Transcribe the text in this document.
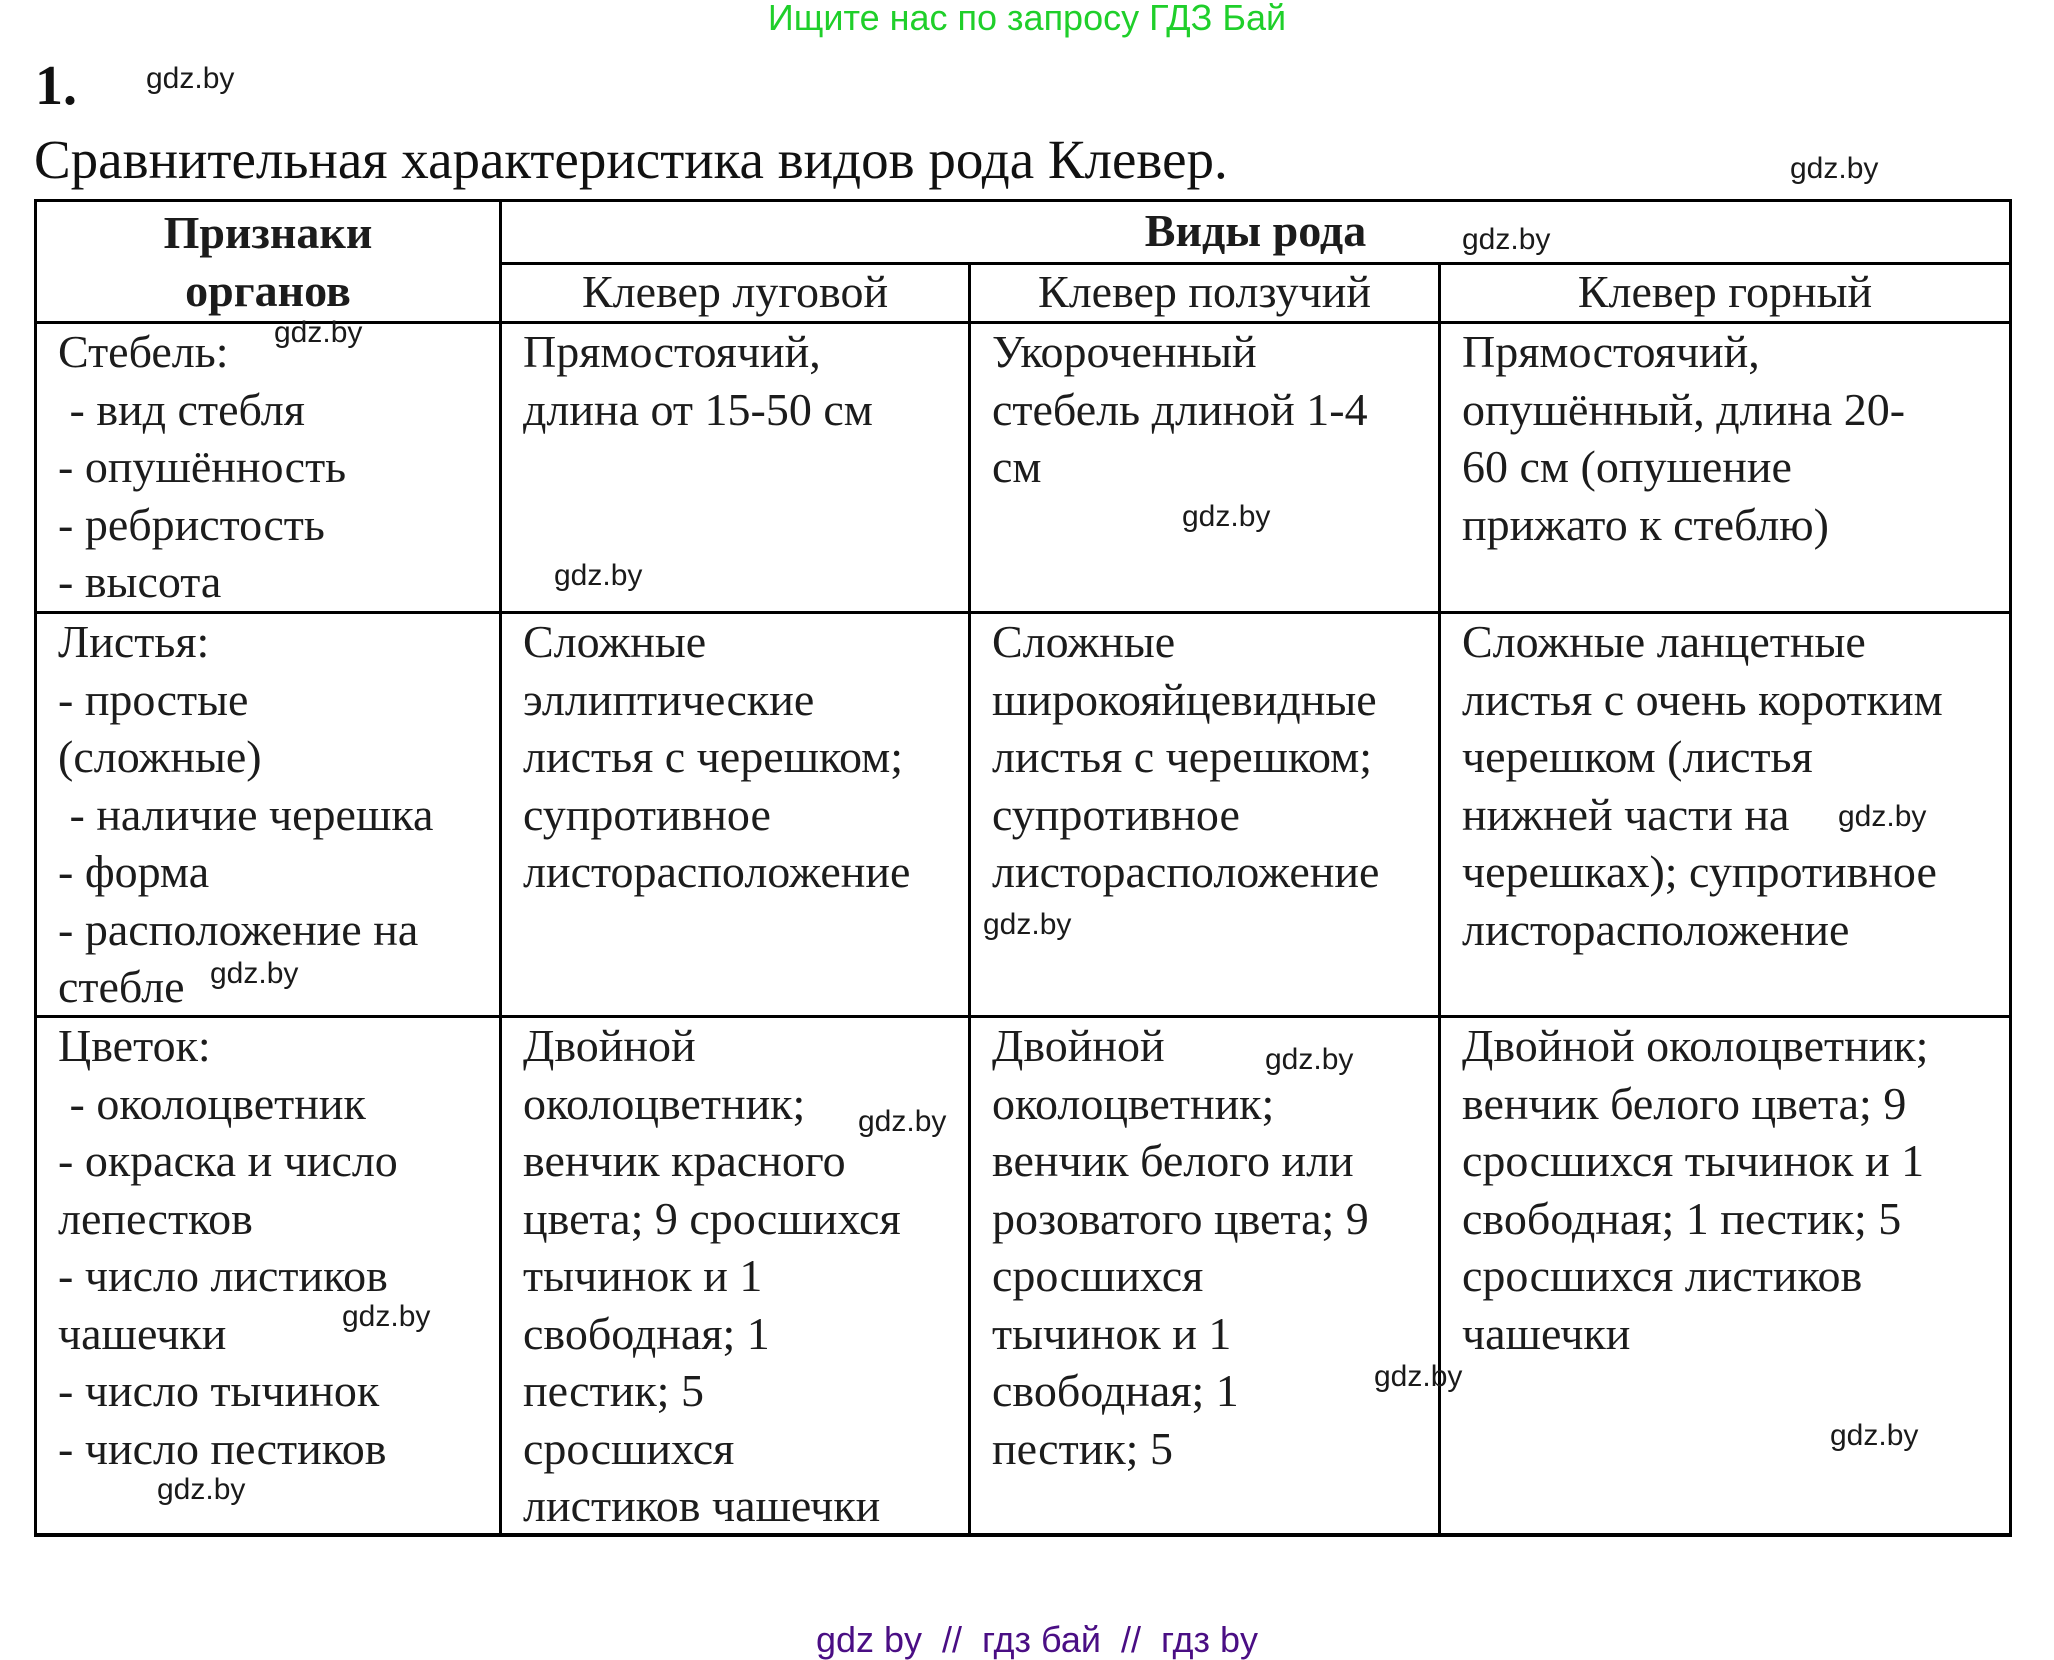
Ищите нас по запросу ГДЗ Бай
1.
Сравнительная характеристика видов рода Клевер.
Признаки
органов
Виды рода
Клевер луговой	Клевер ползучий	Клевер горный
Стебель:
- вид стебля
- опушённость
- ребристость
- высота
Прямостоячий,
длина от 15-50 см
Укороченный
стебель длиной 1-4
см
Прямостоячий,
опушённый, длина 20-
60 см (опушение
прижато к стеблю)
Листья:
- простые
(сложные)
- наличие черешка
- форма
- расположение на
стебле
Сложные
эллиптические
листья с черешком;
супротивное
листорасположение
Сложные
широкояйцевидные
листья с черешком;
супротивное
листорасположение
Сложные ланцетные
листья с очень коротким
черешком (листья
нижней части на
черешках); супротивное
листорасположение
Цветок:
- околоцветник
- окраска и число
лепестков
- число листиков
чашечки
- число тычинок
- число пестиков
Двойной
околоцветник;
венчик красного
цвета; 9 сросшихся
тычинок и 1
свободная; 1
пестик; 5
сросшихся
листиков чашечки
Двойной
околоцветник;
венчик белого или
розоватого цвета; 9
сросшихся
тычинок и 1
свободная; 1
пестик; 5
Двойной околоцветник;
венчик белого цвета; 9
сросшихся тычинок и 1
свободная; 1 пестик; 5
сросшихся листиков
чашечки
gdz.by
gdz.by
gdz.by
gdz.by
gdz.by
gdz.by
gdz.by
gdz.by
gdz.by
gdz.by
gdz.by
gdz.by
gdz.by
gdz.by
gdz.by

gdz by  //  гдз бай  //  гдз by
